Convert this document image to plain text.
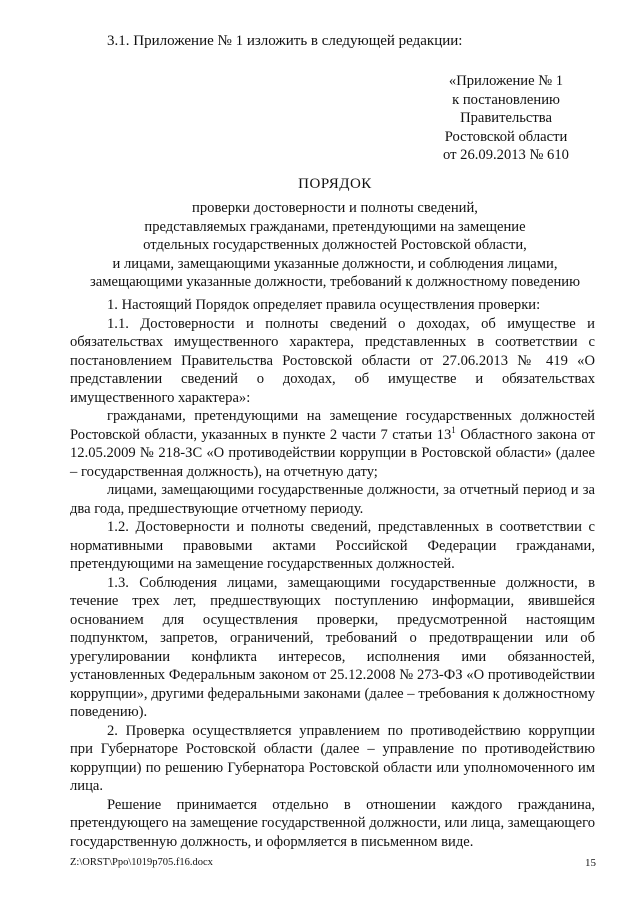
3.1. Приложение № 1 изложить в следующей редакции:
«Приложение № 1
к постановлению
Правительства
Ростовской области
от 26.09.2013 № 610
ПОРЯДОК
проверки достоверности и полноты сведений,
представляемых гражданами, претендующими на замещение
отдельных государственных должностей Ростовской области,
и лицами, замещающими указанные должности, и соблюдения лицами,
замещающими указанные должности, требований к должностному поведению

1. Настоящий Порядок определяет правила осуществления проверки:

1.1. Достоверности и полноты сведений о доходах, об имуществе и обязательствах имущественного характера, представленных в соответствии с постановлением Правительства Ростовской области от 27.06.2013 № 419 «О представлении сведений о доходах, об имуществе и обязательствах имущественного характера»:

гражданами, претендующими на замещение государственных должностей Ростовской области, указанных в пункте 2 части 7 статьи $13^1$ Областного закона от 12.05.2009 № 218-ЗС «О противодействии коррупции в Ростовской области» (далее – государственная должность), на отчетную дату;

лицами, замещающими государственные должности, за отчетный период и за два года, предшествующие отчетному периоду.

1.2. Достоверности и полноты сведений, представленных в соответствии с нормативными правовыми актами Российской Федерации гражданами, претендующими на замещение государственных должностей.

1.3. Соблюдения лицами, замещающими государственные должности, в течение трех лет, предшествующих поступлению информации, явившейся основанием для осуществления проверки, предусмотренной настоящим подпунктом, запретов, ограничений, требований о предотвращении или об урегулировании конфликта интересов, исполнения ими обязанностей, установленных Федеральным законом от 25.12.2008 № 273-ФЗ «О противодействии коррупции», другими федеральными законами (далее – требования к должностному поведению).

2. Проверка осуществляется управлением по противодействию коррупции при Губернаторе Ростовской области (далее – управление по противодействию коррупции) по решению Губернатора Ростовской области или уполномоченного им лица.

Решение принимается отдельно в отношении каждого гражданина, претендующего на замещение государственной должности, или лица, замещающего государственную должность, и оформляется в письменном виде.

Z:\ORST\Ppo\1019p705.f16.docx	15
